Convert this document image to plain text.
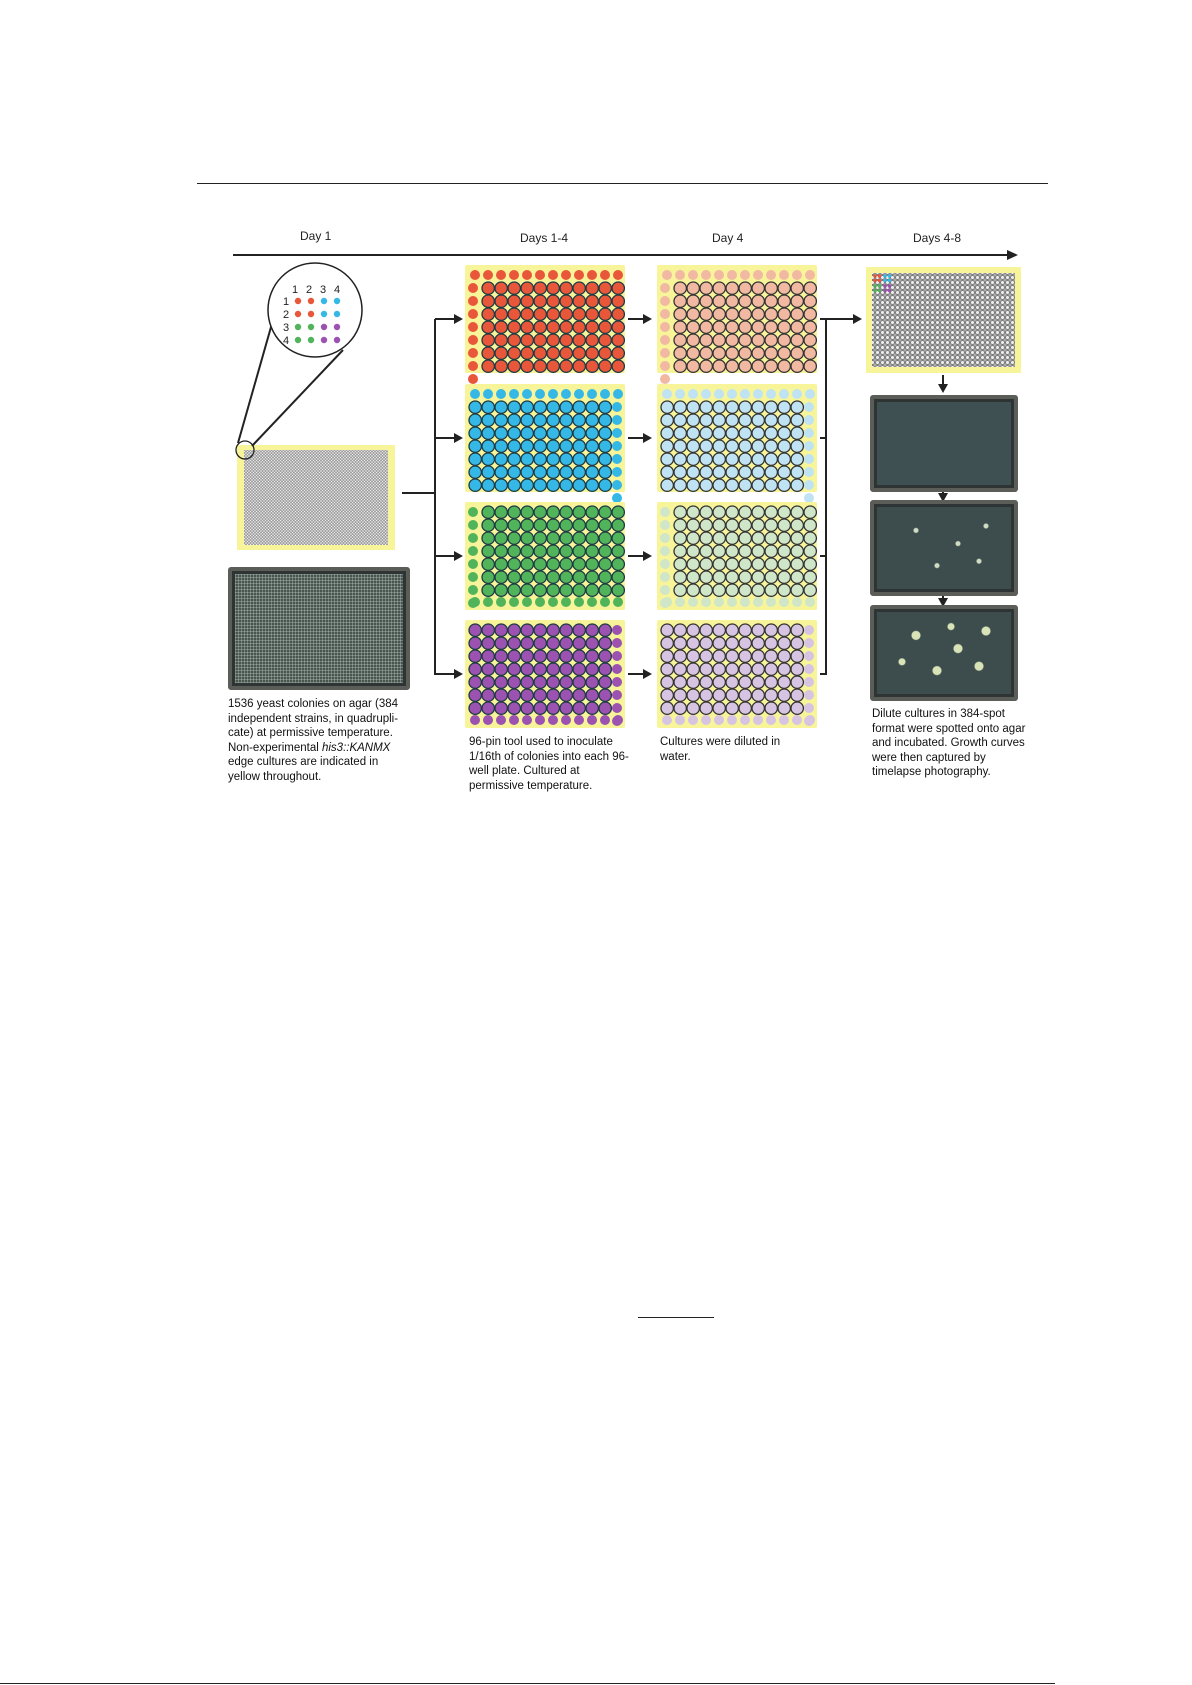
Day 1	Days 1-4	Day 4	Days 4-8
1 2 3 4
1
2
3
4
1536 yeast colonies on agar (384 independent strains, in quadrupli-cate) at permissive temperature. Non-experimental his3::KANMX edge cultures are indicated in yellow throughout.
96-pin tool used to inoculate 1/16th of colonies into each 96-well plate. Cultured at permissive temperature.
Cultures were diluted in water.
Dilute cultures in 384-spot format were spotted onto agar and incubated. Growth curves were then captured by timelapse photography.
